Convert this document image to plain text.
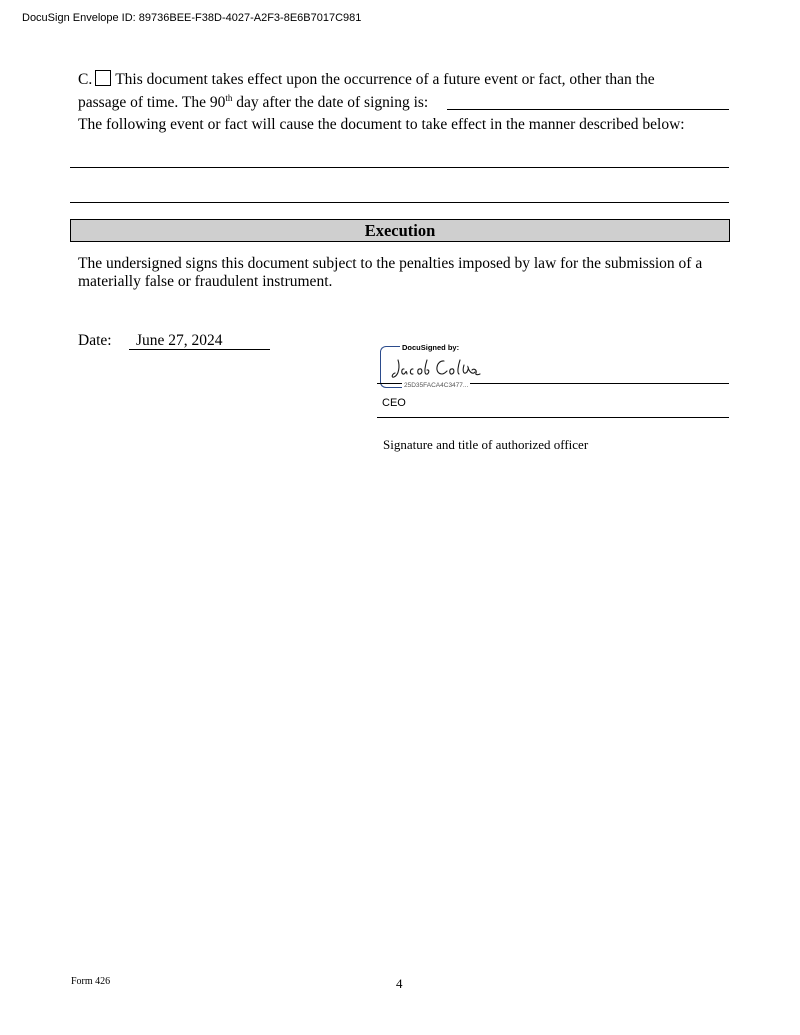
DocuSign Envelope ID: 89736BEE-F38D-4027-A2F3-8E6B7017C981
C. This document takes effect upon the occurrence of a future event or fact, other than the
passage of time. The 90th day after the date of signing is:
The following event or fact will cause the document to take effect in the manner described below:
Execution
The undersigned signs this document subject to the penalties imposed by law for the submission of a
materially false or fraudulent instrument.
Date: June 27, 2024	DocuSigned by:
25D35FACA4C3477...
CEO
Signature and title of authorized officer
Form 426	4
